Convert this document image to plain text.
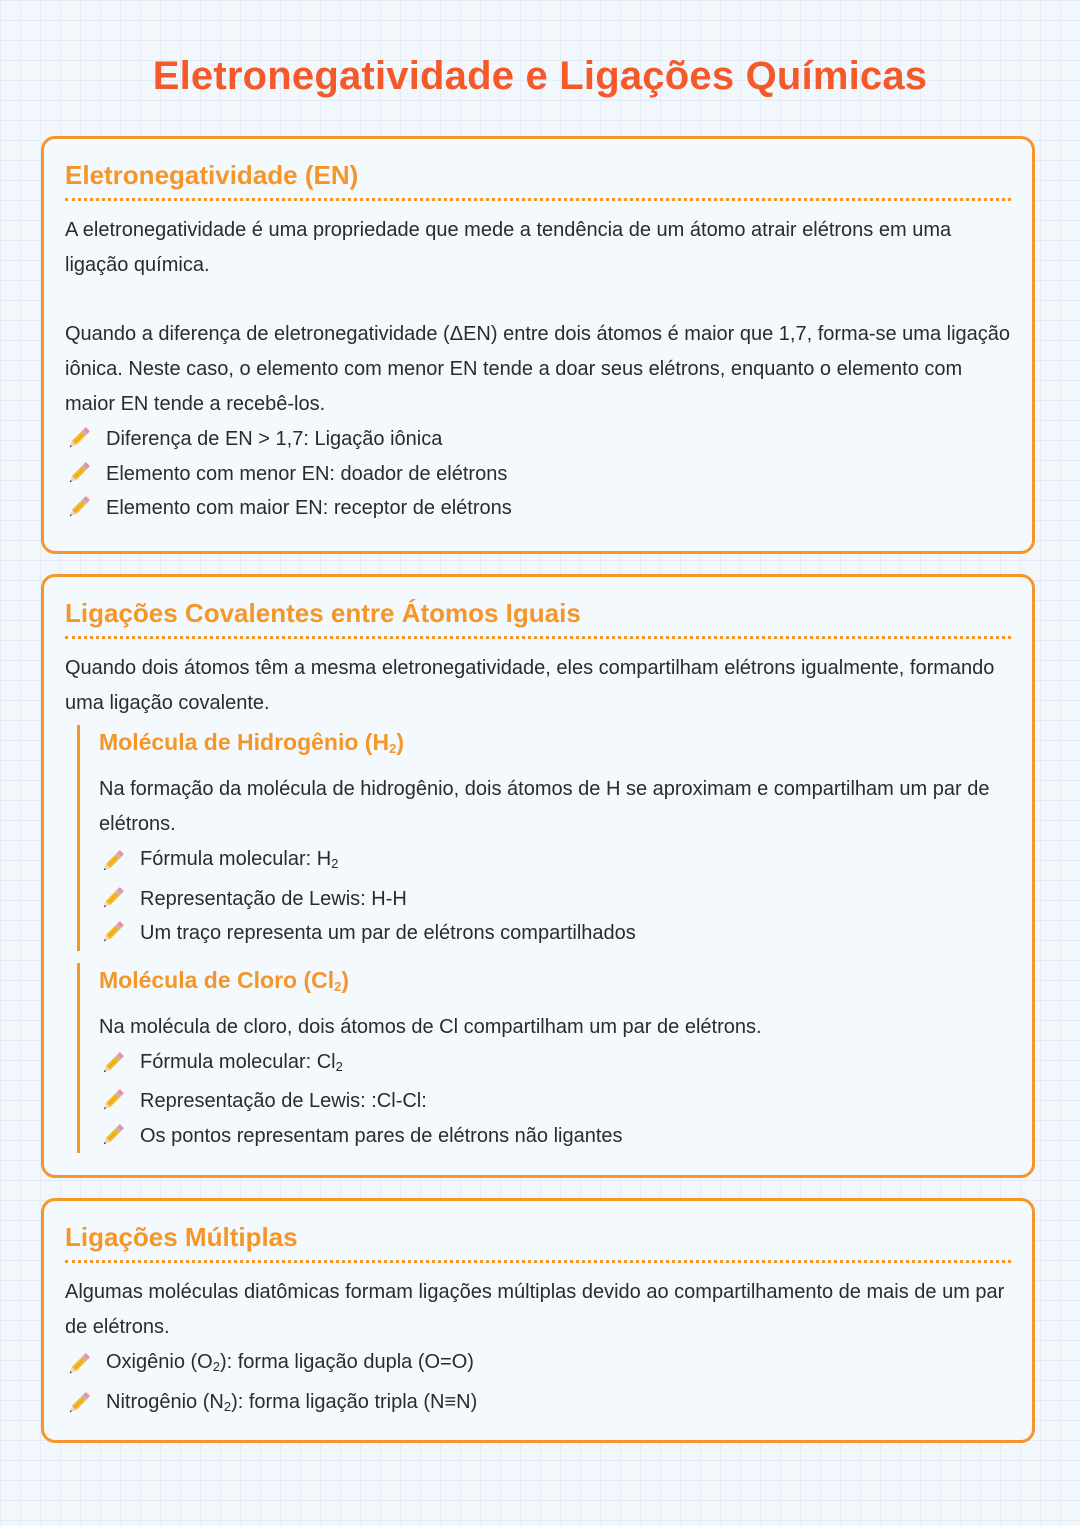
Eletronegatividade e Ligações Químicas
Eletronegatividade (EN)

A eletronegatividade é uma propriedade que mede a tendência de um átomo atrair elétrons em uma ligação química.

Quando a diferença de eletronegatividade (ΔEN) entre dois átomos é maior que 1,7, forma-se uma ligação iônica. Neste caso, o elemento com menor EN tende a doar seus elétrons, enquanto o elemento com maior EN tende a recebê-los.

Diferença de EN > 1,7: Ligação iônica
Elemento com menor EN: doador de elétrons
Elemento com maior EN: receptor de elétrons
Ligações Covalentes entre Átomos Iguais

Quando dois átomos têm a mesma eletronegatividade, eles compartilham elétrons igualmente, formando uma ligação covalente.

Molécula de Hidrogênio $(H_2)$

Na formação da molécula de hidrogênio, dois átomos de H se aproximam e compartilham um par de elétrons.

Fórmula molecular: $H_2$
Representação de Lewis: H-H
Um traço representa um par de elétrons compartilhados
Molécula de Cloro $(Cl_2)$

Na molécula de cloro, dois átomos de Cl compartilham um par de elétrons.

Fórmula molecular: $Cl_2$
Representação de Lewis: :Cl-Cl:
Os pontos representam pares de elétrons não ligantes
Ligações Múltiplas

Algumas moléculas diatômicas formam ligações múltiplas devido ao compartilhamento de mais de um par de elétrons.

Oxigênio $(O_2)$: forma ligação dupla (O=O)
Nitrogênio $(N_2)$: forma ligação tripla (N≡N)
